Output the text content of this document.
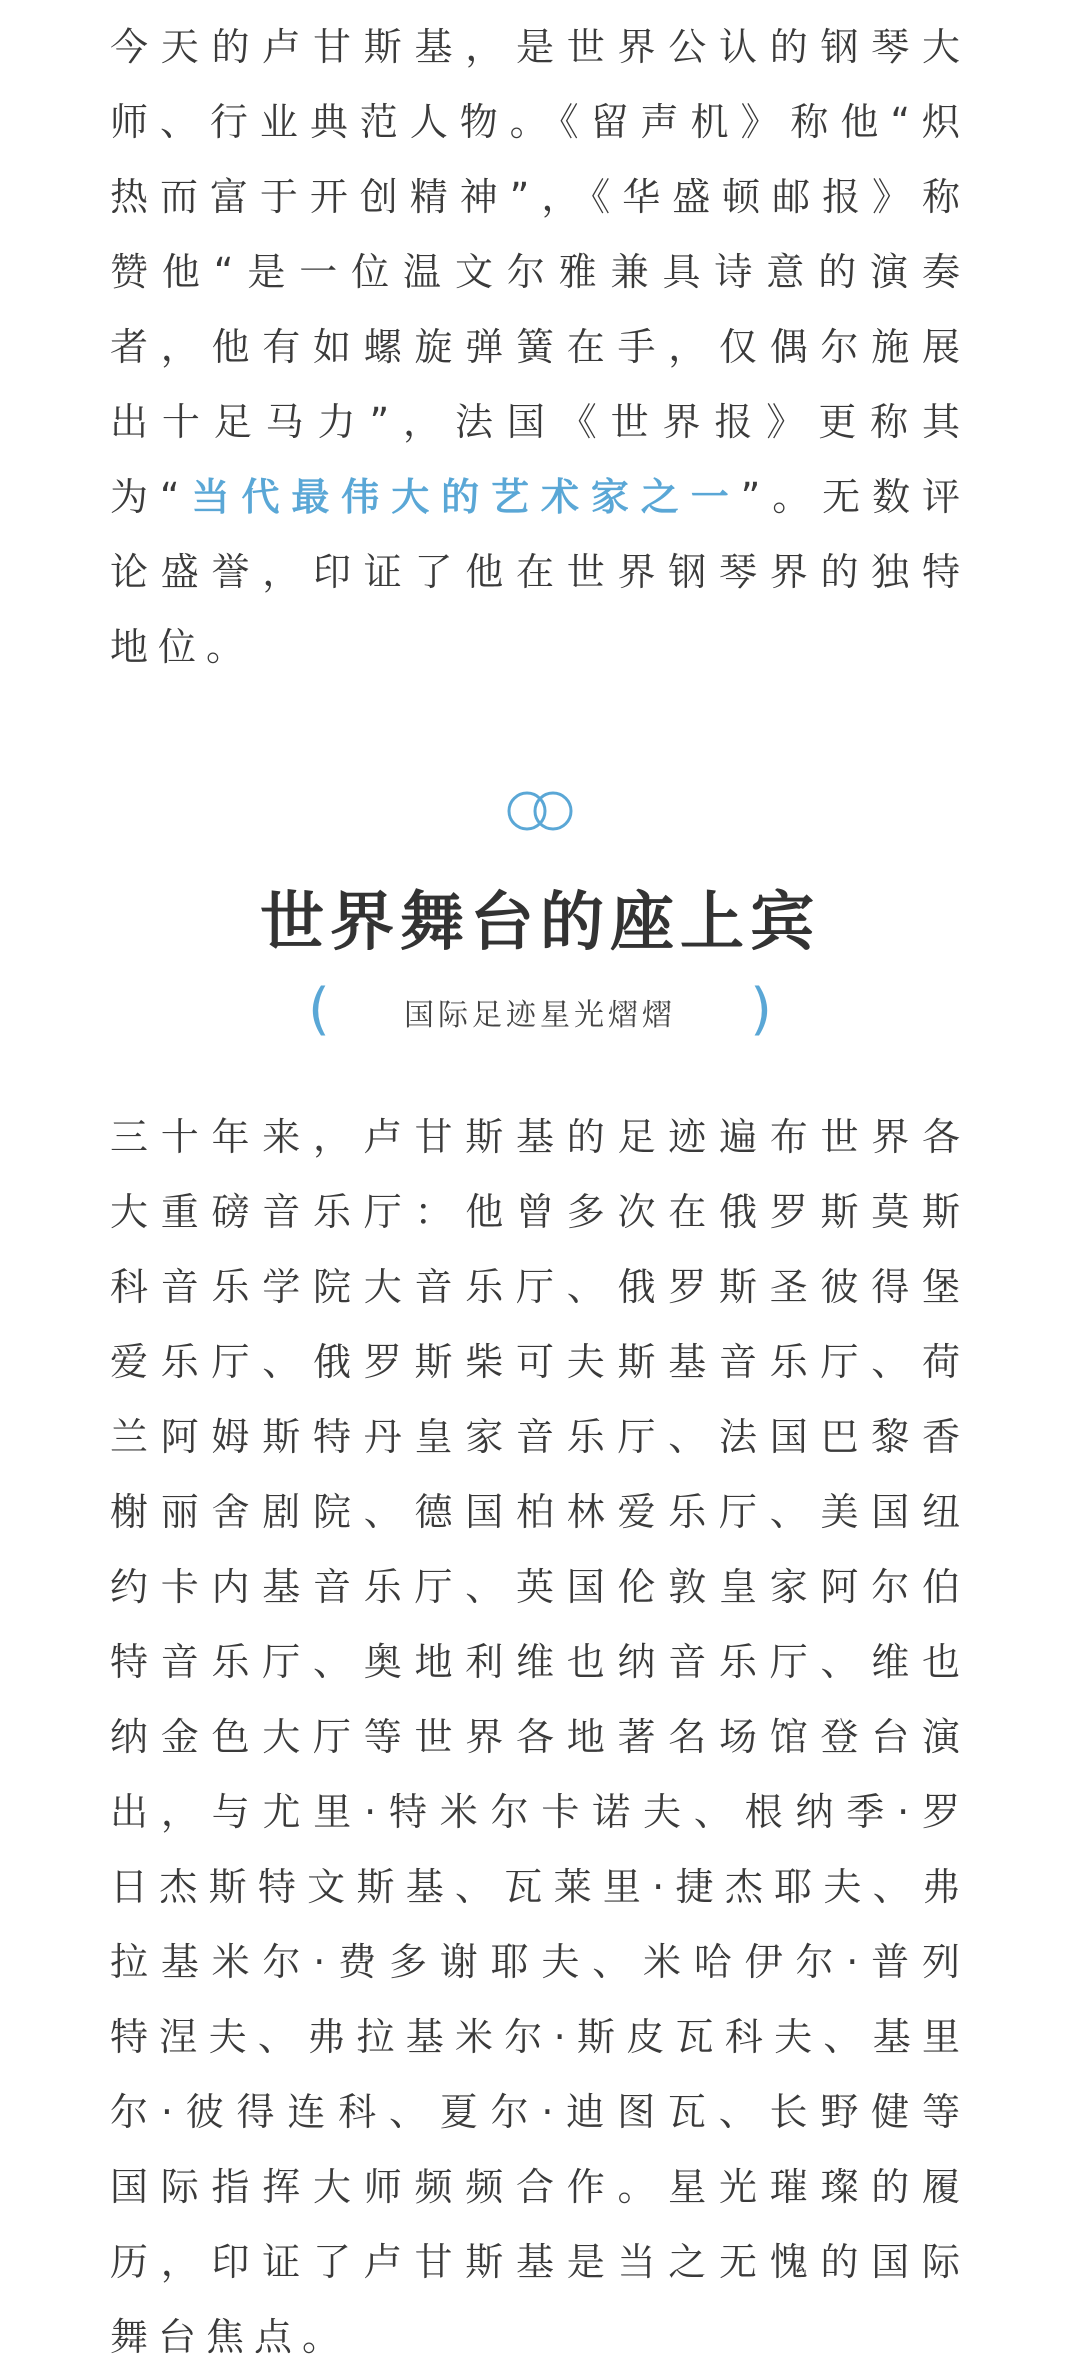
今天的卢甘斯基，是世界公认的钢琴大师、行业典范人物。《留声机》称他“炽热而富于开创精神”，《华盛顿邮报》称赞他“是一位温文尔雅兼具诗意的演奏者，他有如螺旋弹簧在手，仅偶尔施展出十足马力”，法国《世界报》更称其为“当代最伟大的艺术家之一”。无数评论盛誉，印证了他在世界钢琴界的独特地位。

世界舞台的座上宾
(	国际足迹星光熠熠	)

三十年来，卢甘斯基的足迹遍布世界各大重磅音乐厅：他曾多次在俄罗斯莫斯科音乐学院大音乐厅、俄罗斯圣彼得堡爱乐厅、俄罗斯柴可夫斯基音乐厅、荷兰阿姆斯特丹皇家音乐厅、法国巴黎香榭丽舍剧院、德国柏林爱乐厅、美国纽约卡内基音乐厅、英国伦敦皇家阿尔伯特音乐厅、奥地利维也纳音乐厅、维也纳金色大厅等世界各地著名场馆登台演出，与尤里·特米尔卡诺夫、根纳季·罗日杰斯特文斯基、瓦莱里·捷杰耶夫、弗拉基米尔·费多谢耶夫、米哈伊尔·普列特涅夫、弗拉基米尔·斯皮瓦科夫、基里尔·彼得连科、夏尔·迪图瓦、长野健等国际指挥大师频频合作。星光璀璨的履历，印证了卢甘斯基是当之无愧的国际舞台焦点。
